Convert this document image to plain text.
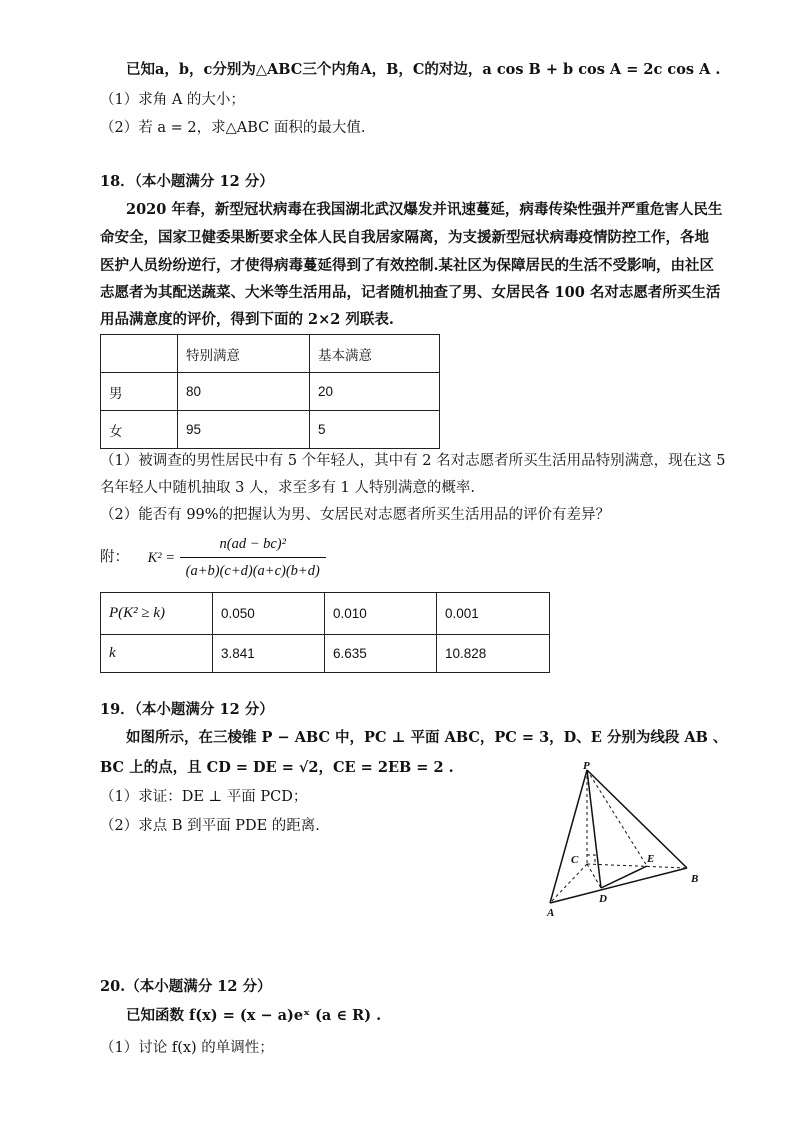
已知a，b，c分别为△ABC三个内角A，B，C的对边，a cos B + b cos A = 2c cos A .
（1）求角 A 的大小；
（2）若 a = 2，求△ABC 面积的最大值.
18．（本小题满分 12 分）
2020 年春，新型冠状病毒在我国湖北武汉爆发并讯速蔓延，病毒传染性强并严重危害人民生
命安全，国家卫健委果断要求全体人民自我居家隔离，为支援新型冠状病毒疫情防控工作，各地
医护人员纷纷逆行，才使得病毒蔓延得到了有效控制.某社区为保障居民的生活不受影响，由社区
志愿者为其配送蔬菜、大米等生活用品，记者随机抽查了男、女居民各 100 名对志愿者所买生活
用品满意度的评价，得到下面的 2×2 列联表.
	特别满意	基本满意
男	80	20
女	95	5
（1）被调查的男性居民中有 5 个年轻人，其中有 2 名对志愿者所买生活用品特别满意，现在这 5
名年轻人中随机抽取 3 人，求至多有 1 人特别满意的概率.
（2）能否有 99%的把握认为男、女居民对志愿者所买生活用品的评价有差异？
附： $K^2 = \frac{\text{n(ad − bc)²}}{(a+b)(c+d)(a+c)(b+d)}$
P(K² ≥ k)	0.050	0.010	0.001
k	3.841	6.635	10.828
19．（本小题满分 12 分）
如图所示，在三棱锥 P − ABC 中，PC ⊥ 平面 ABC，PC = 3，D、E 分别为线段 AB 、
BC 上的点，且 CD = DE = √2，CE = 2EB = 2 .
（1）求证：DE ⊥ 平面 PCD；
（2）求点 B 到平面 PDE 的距离.
P
C	E
B
D
A
20.（本小题满分 12 分）
已知函数 f(x) = (x − a)eˣ (a ∈ R) .
（1）讨论 f(x) 的单调性；
